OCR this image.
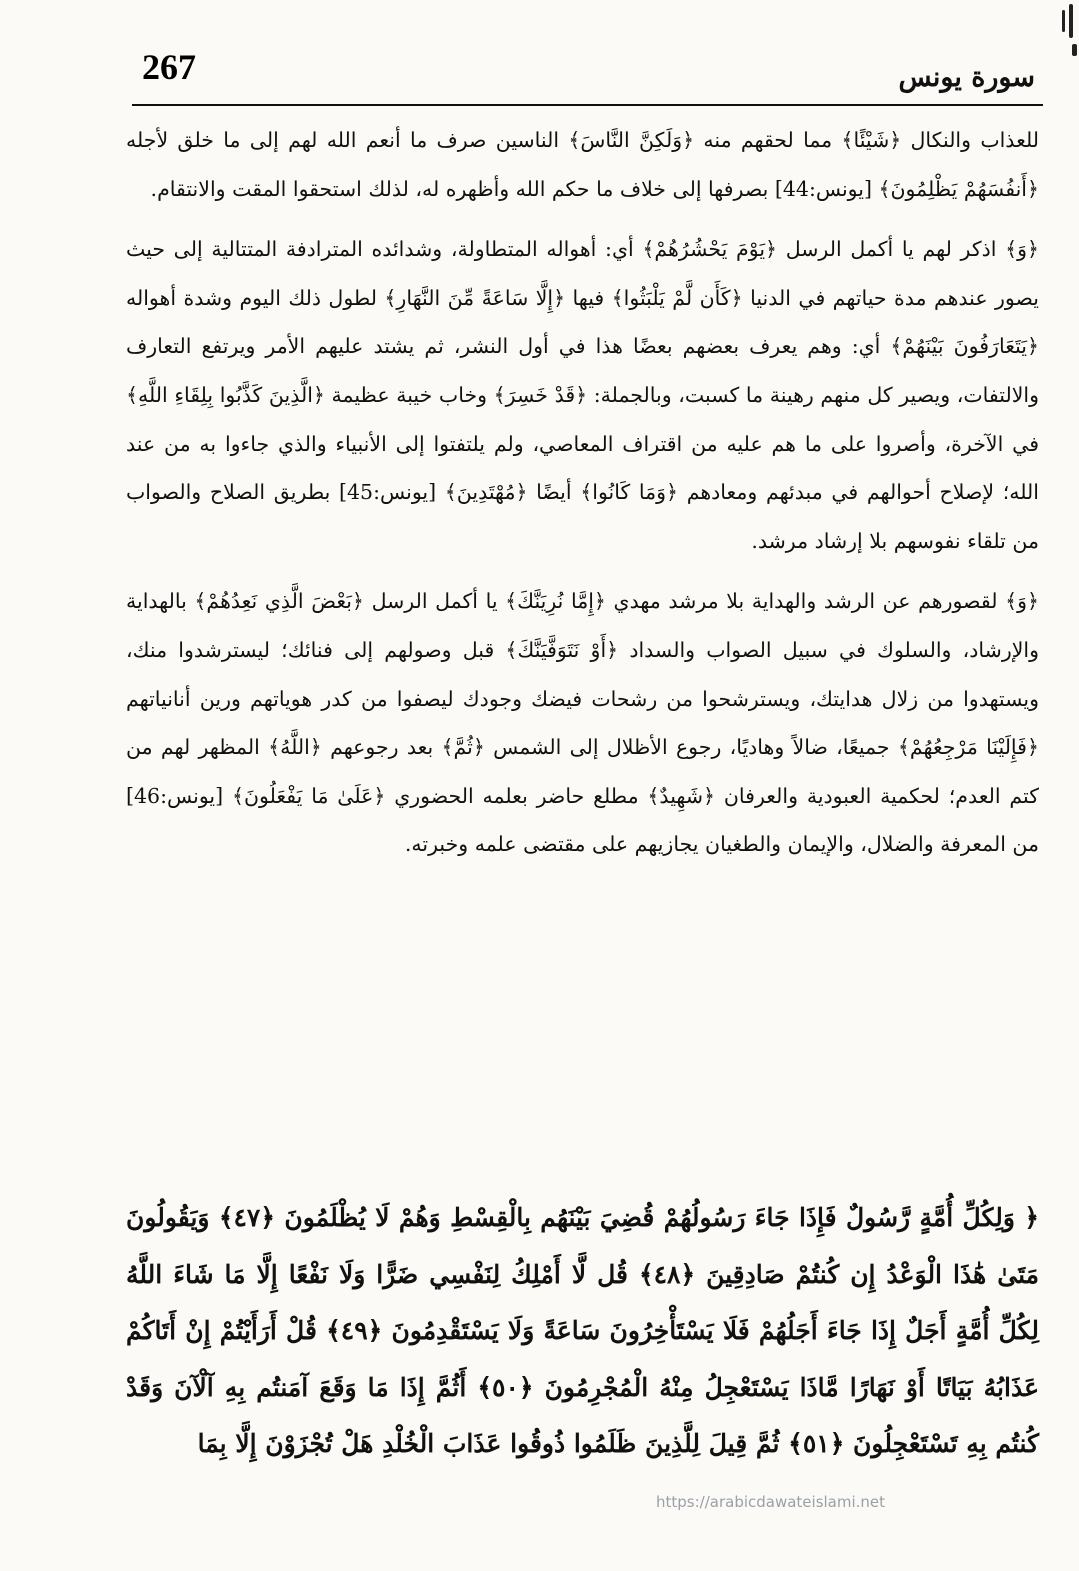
267	سورة يونس

للعذاب والنكال ﴿شَيْئًا﴾ مما لحقهم منه ﴿وَلَكِنَّ النَّاسَ﴾ الناسين صرف ما أنعم الله لهم إلى ما خلق لأجله ﴿أَنفُسَهُمْ يَظْلِمُونَ﴾ [يونس:44] بصرفها إلى خلاف ما حكم الله وأظهره له، لذلك استحقوا المقت والانتقام.

﴿وَ﴾ اذكر لهم يا أكمل الرسل ﴿يَوْمَ يَحْشُرُهُمْ﴾ أي: أهواله المتطاولة، وشدائده المترادفة المتتالية إلى حيث يصور عندهم مدة حياتهم في الدنيا ﴿كَأَن لَّمْ يَلْبَثُوا﴾ فيها ﴿إِلَّا سَاعَةً مِّنَ النَّهَارِ﴾ لطول ذلك اليوم وشدة أهواله ﴿يَتَعَارَفُونَ بَيْنَهُمْ﴾ أي: وهم يعرف بعضهم بعضًا هذا في أول النشر، ثم يشتد عليهم الأمر ويرتفع التعارف والالتفات، ويصير كل منهم رهينة ما كسبت، وبالجملة: ﴿قَدْ خَسِرَ﴾ وخاب خيبة عظيمة ﴿الَّذِينَ كَذَّبُوا بِلِقَاءِ اللَّهِ﴾ في الآخرة، وأصروا على ما هم عليه من اقتراف المعاصي، ولم يلتفتوا إلى الأنبياء والذي جاءوا به من عند الله؛ لإصلاح أحوالهم في مبدئهم ومعادهم ﴿وَمَا كَانُوا﴾ أيضًا ﴿مُهْتَدِينَ﴾ [يونس:45] بطريق الصلاح والصواب من تلقاء نفوسهم بلا إرشاد مرشد.

﴿وَ﴾ لقصورهم عن الرشد والهداية بلا مرشد مهدي ﴿إِمَّا نُرِيَنَّكَ﴾ يا أكمل الرسل ﴿بَعْضَ الَّذِي نَعِدُهُمْ﴾ بالهداية والإرشاد، والسلوك في سبيل الصواب والسداد ﴿أَوْ نَتَوَفَّيَنَّكَ﴾ قبل وصولهم إلى فنائك؛ ليسترشدوا منك، ويستهدوا من زلال هدايتك، ويسترشحوا من رشحات فيضك وجودك ليصفوا من كدر هوياتهم ورين أنانياتهم ﴿فَإِلَيْنَا مَرْجِعُهُمْ﴾ جميعًا، ضالاً وهاديًا، رجوع الأظلال إلى الشمس ﴿ثُمَّ﴾ بعد رجوعهم ﴿اللَّهُ﴾ المظهر لهم من كتم العدم؛ لحكمية العبودية والعرفان ﴿شَهِيدٌ﴾ مطلع حاضر بعلمه الحضوري ﴿عَلَىٰ مَا يَفْعَلُونَ﴾ [يونس:46] من المعرفة والضلال، والإيمان والطغيان يجازيهم على مقتضى علمه وخبرته.

﴿ وَلِكُلِّ أُمَّةٍ رَّسُولٌ فَإِذَا جَاءَ رَسُولُهُمْ قُضِيَ بَيْنَهُم بِالْقِسْطِ وَهُمْ لَا يُظْلَمُونَ ﴿٤٧﴾ وَيَقُولُونَ مَتَىٰ هَٰذَا الْوَعْدُ إِن كُنتُمْ صَادِقِينَ ﴿٤٨﴾ قُل لَّا أَمْلِكُ لِنَفْسِي ضَرًّا وَلَا نَفْعًا إِلَّا مَا شَاءَ اللَّهُ لِكُلِّ أُمَّةٍ أَجَلٌ إِذَا جَاءَ أَجَلُهُمْ فَلَا يَسْتَأْخِرُونَ سَاعَةً وَلَا يَسْتَقْدِمُونَ ﴿٤٩﴾ قُلْ أَرَأَيْتُمْ إِنْ أَتَاكُمْ عَذَابُهُ بَيَاتًا أَوْ نَهَارًا مَّاذَا يَسْتَعْجِلُ مِنْهُ الْمُجْرِمُونَ ﴿٥٠﴾ أَثُمَّ إِذَا مَا وَقَعَ آمَنتُم بِهِ آلْآنَ وَقَدْ كُنتُم بِهِ تَسْتَعْجِلُونَ ﴿٥١﴾ ثُمَّ قِيلَ لِلَّذِينَ ظَلَمُوا ذُوقُوا عَذَابَ الْخُلْدِ هَلْ تُجْزَوْنَ إِلَّا بِمَا
https://arabicdawateislami.net
